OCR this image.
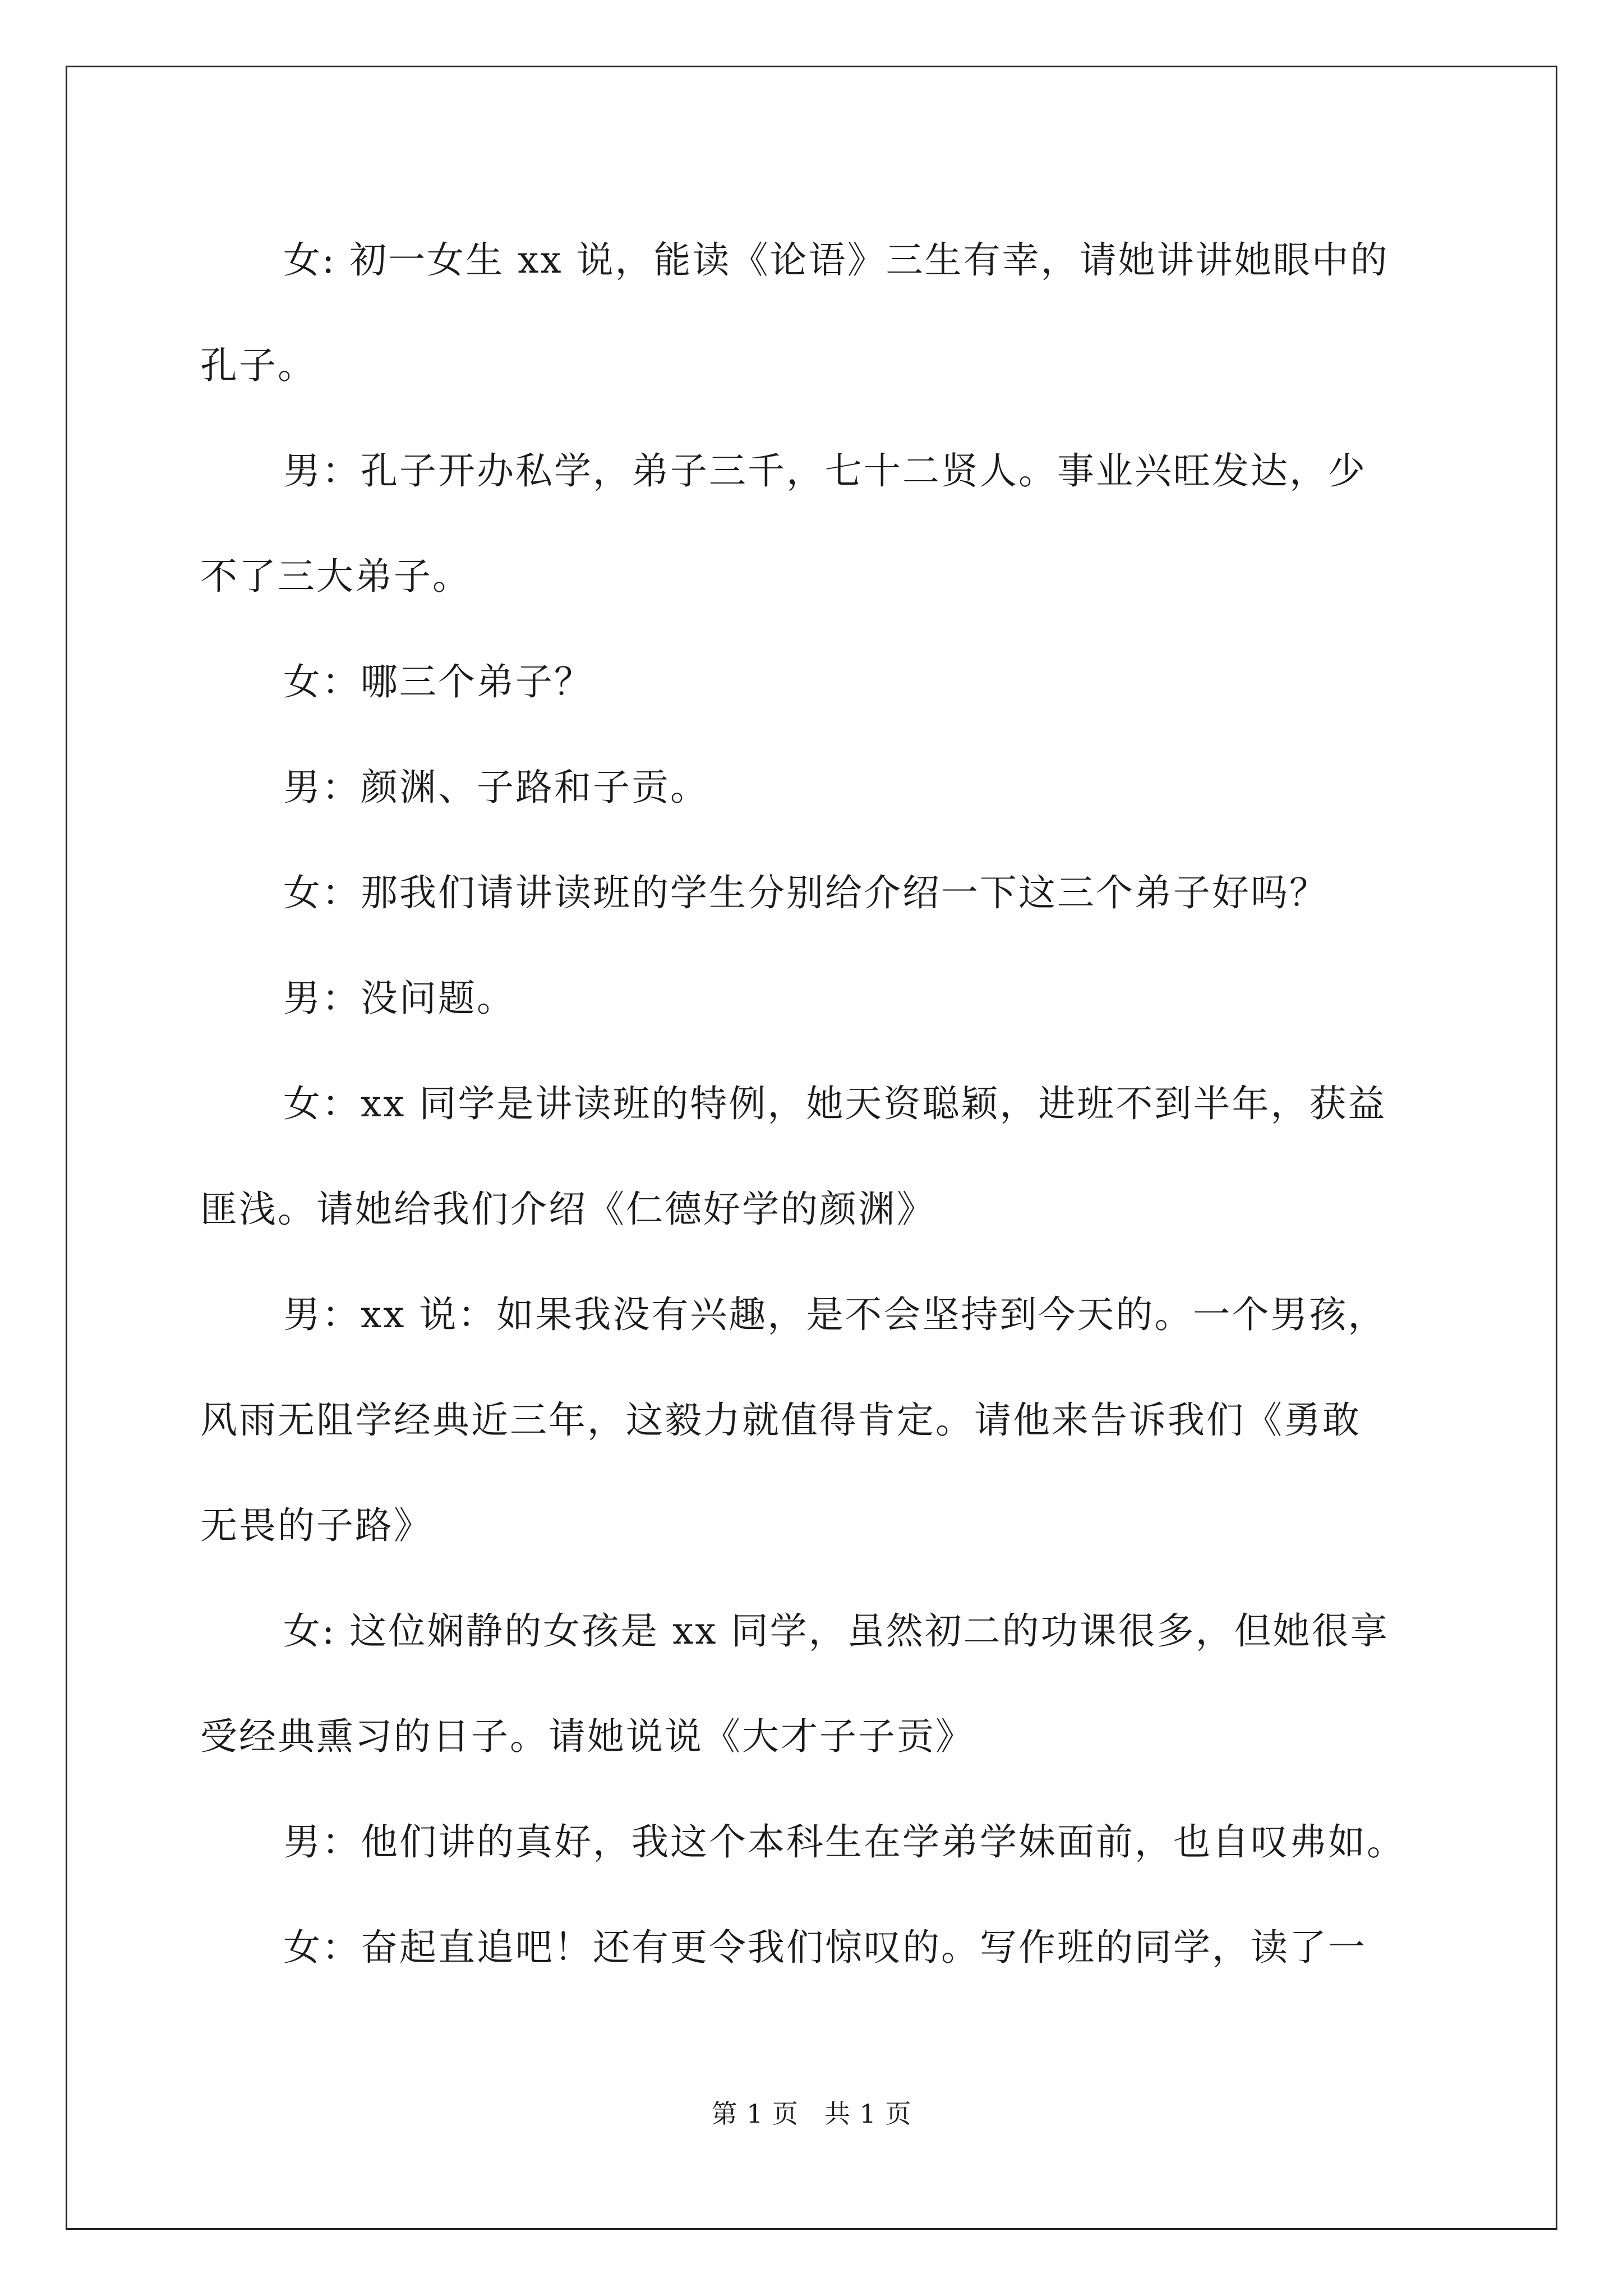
女: 初一女生 xx 说，能读《论语》三生有幸，请她讲讲她眼中的
孔子。

男：孔子开办私学，弟子三千，七十二贤人。事业兴旺发达，少
不了三大弟子。

女：哪三个弟子？

男：颜渊、子路和子贡。

女：那我们请讲读班的学生分别给介绍一下这三个弟子好吗？

男：没问题。

女：xx 同学是讲读班的特例，她天资聪颖，进班不到半年，获益
匪浅。请她给我们介绍《仁德好学的颜渊》

男：xx 说：如果我没有兴趣，是不会坚持到今天的。一个男孩，
风雨无阻学经典近三年，这毅力就值得肯定。请他来告诉我们《勇敢
无畏的子路》

女: 这位娴静的女孩是 xx 同学，虽然初二的功课很多，但她很享
受经典熏习的日子。请她说说《大才子子贡》

男：他们讲的真好，我这个本科生在学弟学妹面前，也自叹弗如。

女：奋起直追吧！还有更令我们惊叹的。写作班的同学，读了一

第 1 页 共 1 页
